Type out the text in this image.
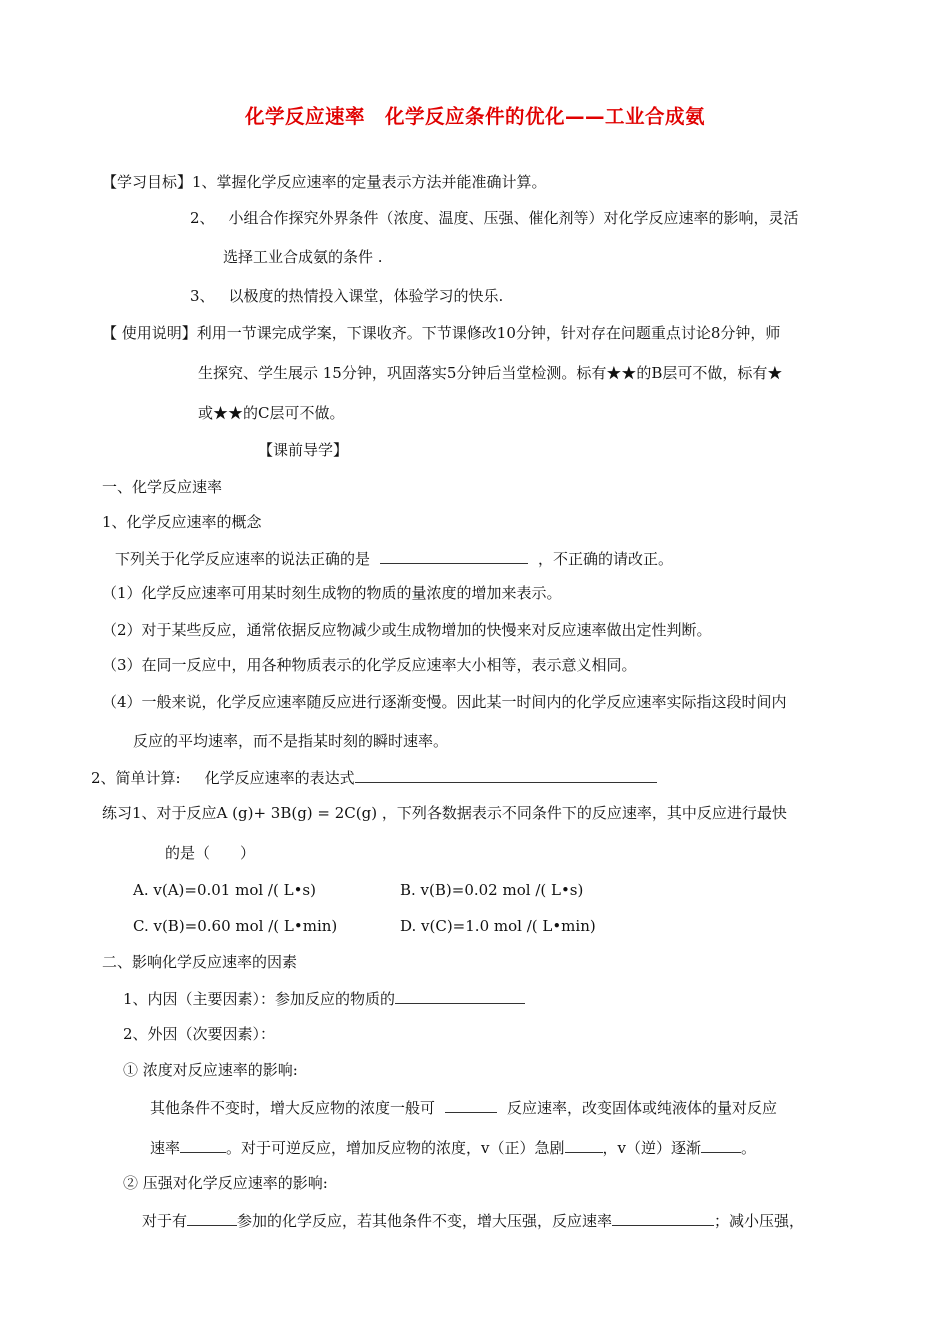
化学反应速率　化学反应条件的优化——工业合成氨
【学习目标】1、掌握化学反应速率的定量表示方法并能准确计算。
2、 小组合作探究外界条件（浓度、温度、压强、催化剂等）对化学反应速率的影响，灵活
选择工业合成氨的条件 .
3、 以极度的热情投入课堂，体验学习的快乐.
【 使用说明】利用一节课完成学案，下课收齐。下节课修改10分钟，针对存在问题重点讨论8分钟，师
生探究、学生展示 15分钟，巩固落实5分钟后当堂检测。标有★★的B层可不做，标有★
或★★的C层可不做。
【课前导学】
一、化学反应速率
1、化学反应速率的概念
下列关于化学反应速率的说法正确的是	，不正确的请改正。
（1）化学反应速率可用某时刻生成物的物质的量浓度的增加来表示。
（2）对于某些反应，通常依据反应物减少或生成物增加的快慢来对反应速率做出定性判断。
（3）在同一反应中，用各种物质表示的化学反应速率大小相等，表示意义相同。
（4）一般来说，化学反应速率随反应进行逐渐变慢。因此某一时间内的化学反应速率实际指这段时间内
反应的平均速率，而不是指某时刻的瞬时速率。
2、简单计算: 化学反应速率的表达式
练习1、对于反应A (g)+ 3B(g) = 2C(g) ，下列各数据表示不同条件下的反应速率，其中反应进行最快
的是（　　）
A. v(A)=0.01 mol /( L•s)	B. v(B)=0.02 mol /( L•s)
C. v(B)=0.60 mol /( L•min)	D. v(C)=1.0 mol /( L•min)
二、影响化学反应速率的因素
1、内因（主要因素）：参加反应的物质的
2、外因（次要因素）：
① 浓度对反应速率的影响:
其他条件不变时，增大反应物的浓度一般可	反应速率，改变固体或纯液体的量对反应
速率	。对于可逆反应，增加反应物的浓度，v（正）急剧	，v（逆）逐渐	。
② 压强对化学反应速率的影响:
对于有	参加的化学反应，若其他条件不变，增大压强，反应速率	；减小压强，
